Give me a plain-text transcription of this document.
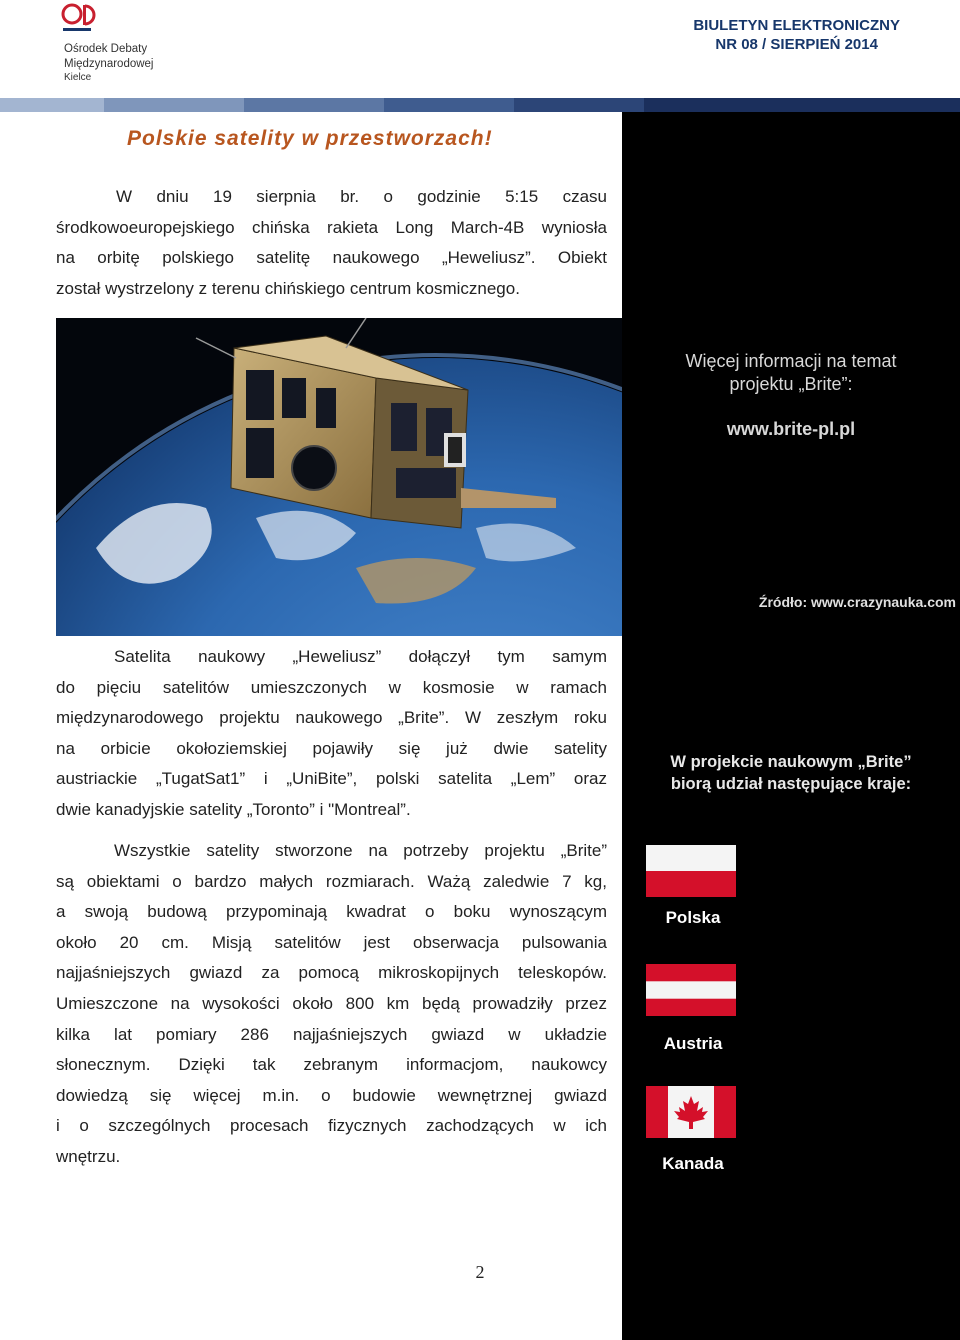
Ośrodek Debaty
Międzynarodowej
Kielce
BIULETYN ELEKTRONICZNY
NR 08 / SIERPIEŃ 2014
Polskie satelity w przestworzach!
W dniu 19 sierpnia br. o godzinie 5:15 czasu
środkowoeuropejskiego chińska rakieta Long March-4B wyniosła
na orbitę polskiego satelitę naukowego „Heweliusz”. Obiekt
został wystrzelony z terenu chińskiego centrum kosmicznego.
Więcej informacji na temat
projektu „Brite”:
www.brite-pl.pl
Źródło: www.crazynauka.com
Satelita naukowy „Heweliusz” dołączył tym samym
do pięciu satelitów umieszczonych w kosmosie w ramach
międzynarodowego projektu naukowego „Brite”. W zeszłym roku
na orbicie okołoziemskiej pojawiły się już dwie satelity
austriackie „TugatSat1” i „UniBite”, polski satelita „Lem” oraz
dwie kanadyjskie satelity „Toronto” i "Montreal”.
W projekcie naukowym „Brite”
biorą udział następujące kraje:
Wszystkie satelity stworzone na potrzeby projektu „Brite”
są obiektami o bardzo małych rozmiarach. Ważą zaledwie 7 kg,
a swoją budową przypominają kwadrat o boku wynoszącym
około 20 cm. Misją satelitów jest obserwacja pulsowania
najjaśniejszych gwiazd za pomocą mikroskopijnych teleskopów.
Umieszczone na wysokości około 800 km będą prowadziły przez
kilka lat pomiary 286 najjaśniejszych gwiazd w układzie
słonecznym. Dzięki tak zebranym informacjom, naukowcy
dowiedzą się więcej m.in. o budowie wewnętrznej gwiazd
i o szczególnych procesach fizycznych zachodzących w ich
wnętrzu.
Polska
Austria
Kanada
2
